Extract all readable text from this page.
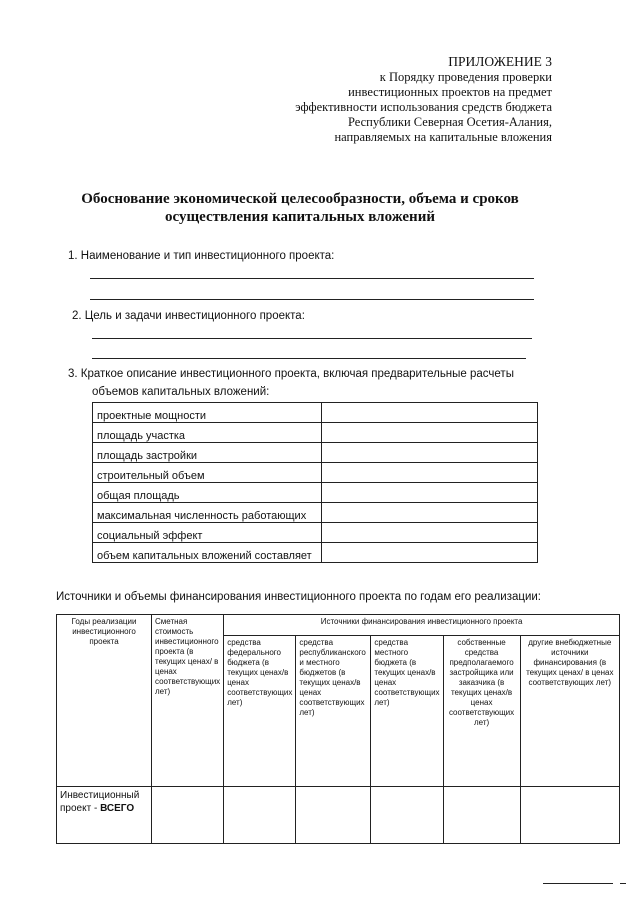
ПРИЛОЖЕНИЕ 3
к Порядку проведения проверки инвестиционных проектов на предмет эффективности использования средств бюджета Республики Северная Осетия-Алания, направляемых на капитальные вложения
Обоснование экономической целесообразности, объема и сроков осуществления капитальных вложений
1. Наименование и тип инвестиционного проекта:
2. Цель и задачи инвестиционного проекта:
3. Краткое описание инвестиционного проекта, включая предварительные расчеты
объемов капитальных вложений:
проектные мощности	
площадь участка	
площадь застройки	
строительный объем	
общая площадь	
максимальная численность работающих	
социальный эффект	
объем капитальных вложений составляет	
Источники и объемы финансирования инвестиционного проекта по годам его реализации:
Годы реализации инвестиционного проекта	Сметная стоимость инвестиционного проекта (в текущих ценах/ в ценах соответствующих лет)	Источники финансирования инвестиционного проекта				
		средства федерального бюджета (в текущих ценах/в ценах соответствующих лет)	средства республиканского и местного бюджетов (в текущих ценах/в ценах соответствующих лет)	средства местного бюджета (в текущих ценах/в ценах соответствующих лет)	собственные средства предполагаемого застройщика или заказчика (в текущих ценах/в ценах соответствующих лет)	другие внебюджетные источники финансирования (в текущих ценах/ в ценах соответствующих лет)
Инвестиционный проект - ВСЕГО						
